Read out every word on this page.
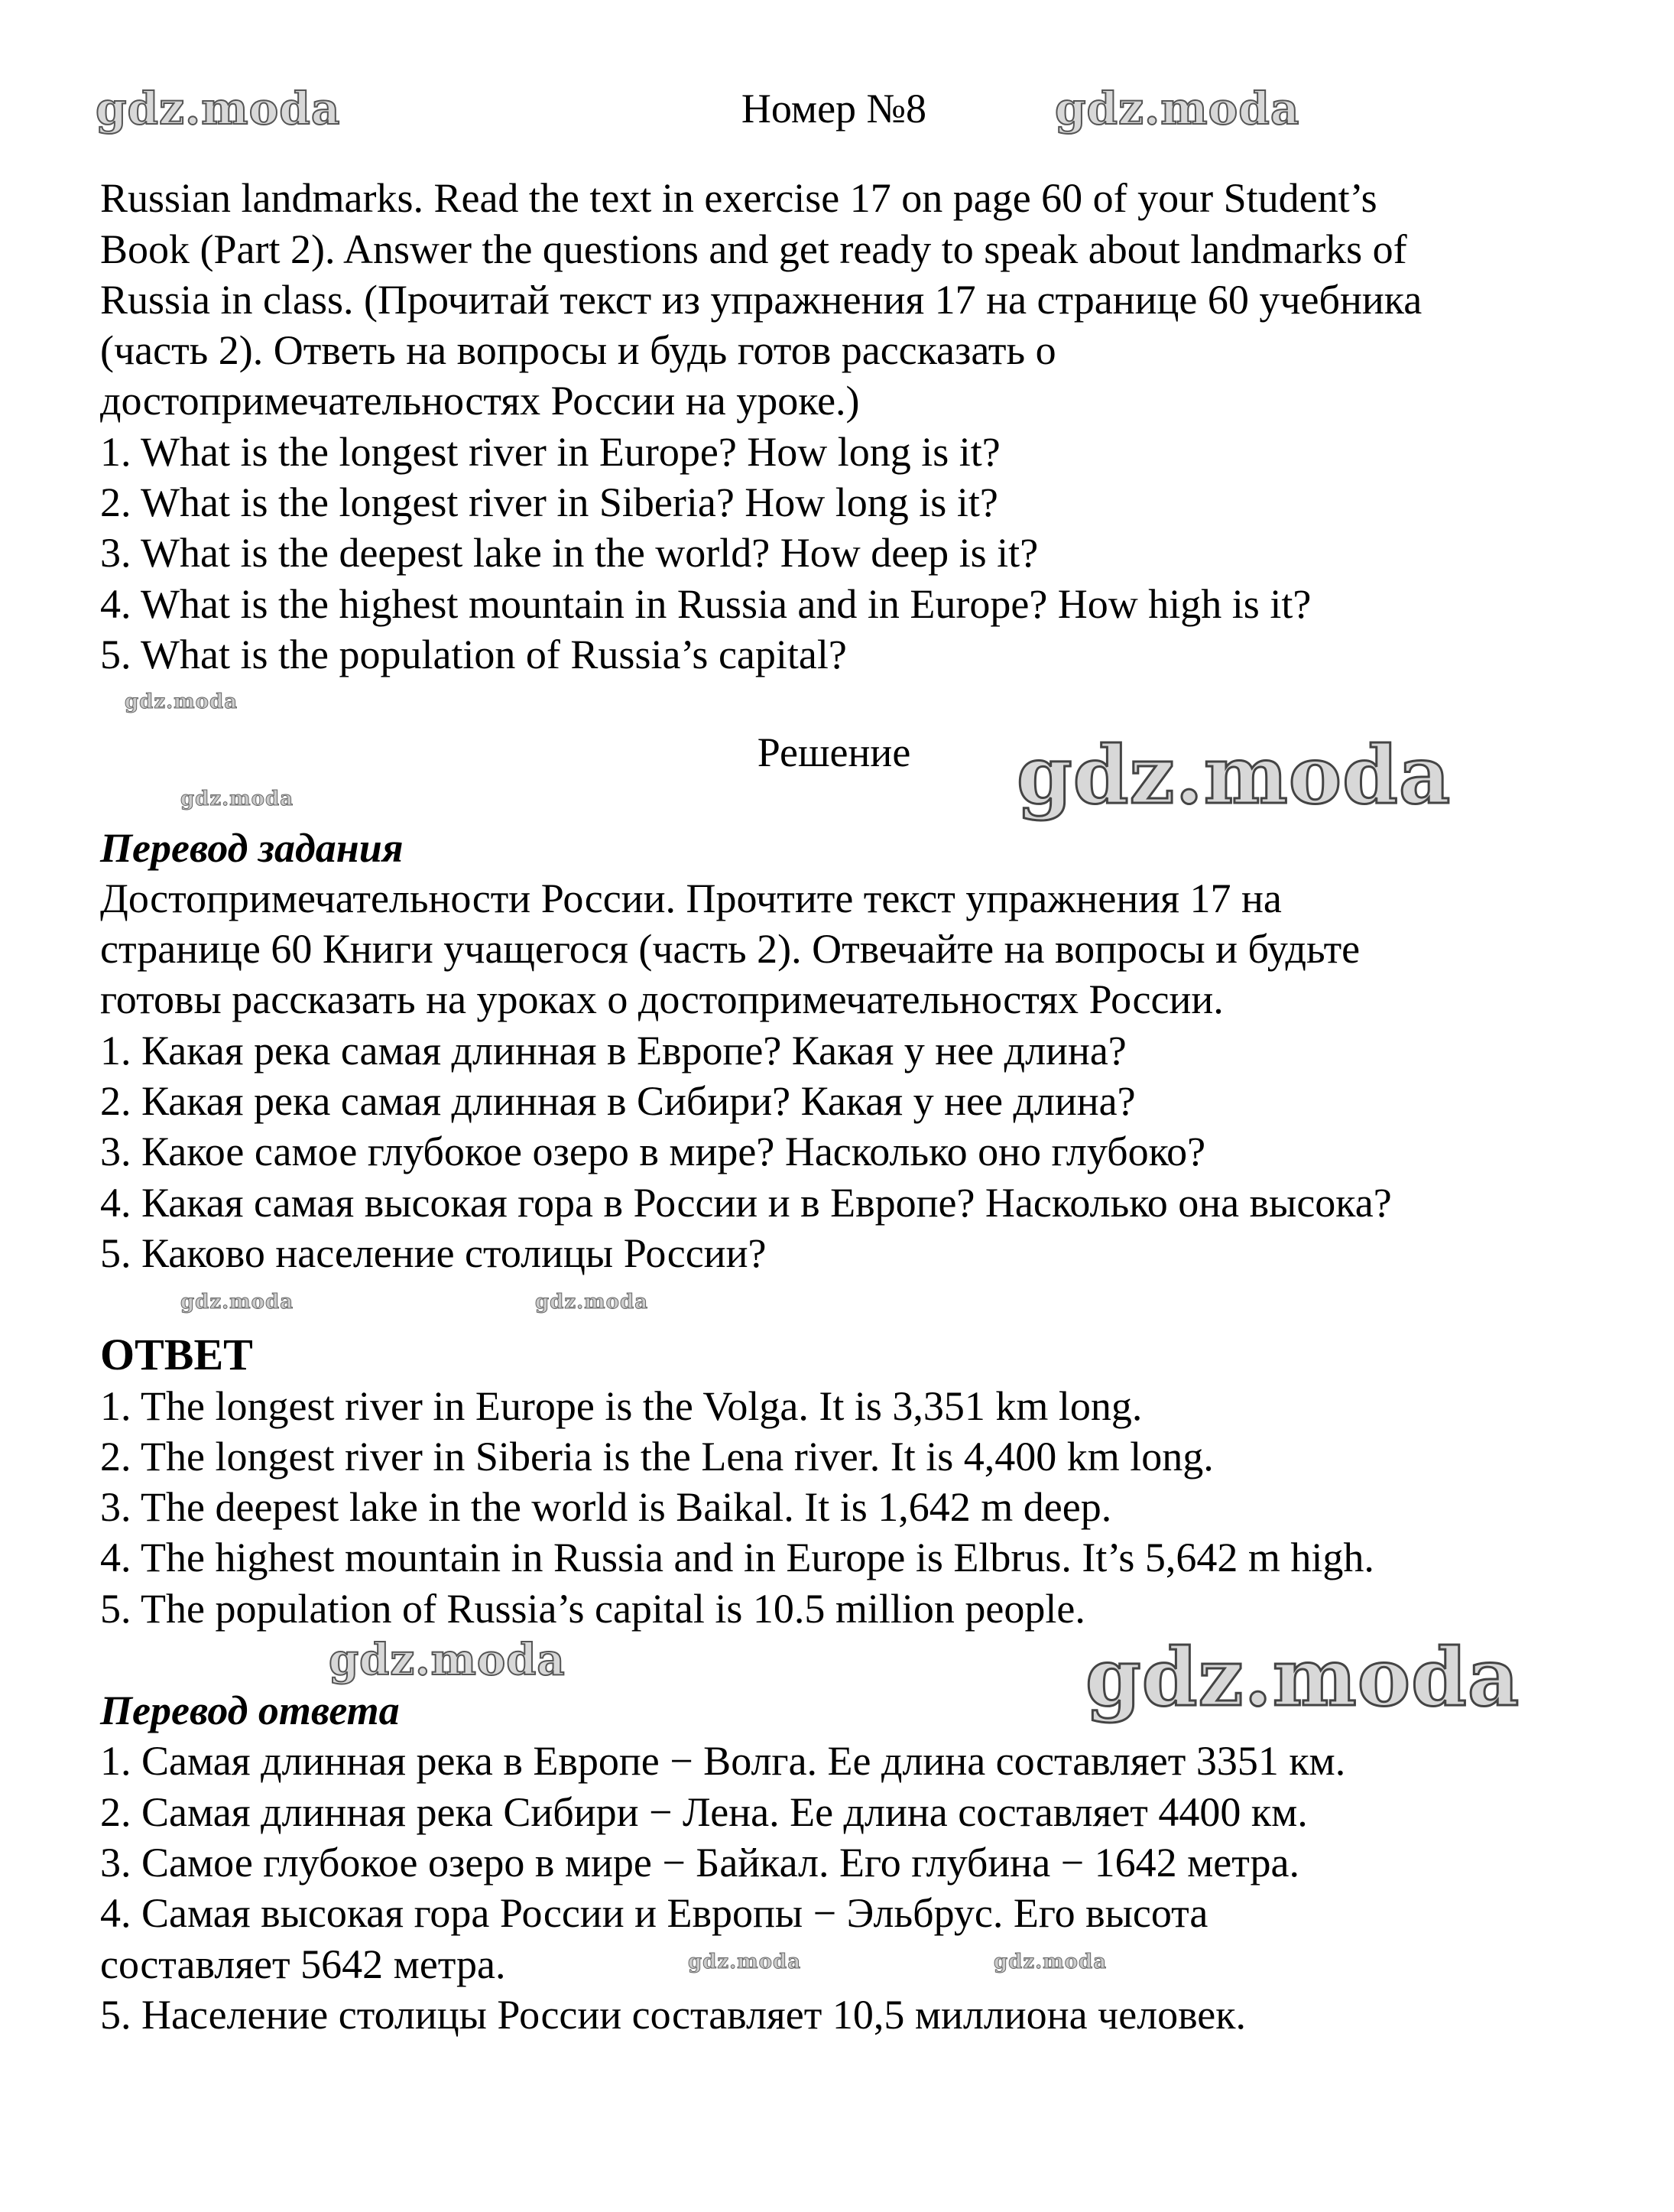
Номер №8
Russian landmarks. Read the text in exercise 17 on page 60 of your Student’s
Book (Part 2). Answer the questions and get ready to speak about landmarks of
Russia in class. (Прочитай текст из упражнения 17 на странице 60 учебника
(часть 2). Ответь на вопросы и будь готов рассказать о
достопримечательностях России на уроке.)
1. What is the longest river in Europe? How long is it?
2. What is the longest river in Siberia? How long is it?
3. What is the deepest lake in the world? How deep is it?
4. What is the highest mountain in Russia and in Europe? How high is it?
5. What is the population of Russia’s capital?
Решение
Перевод задания
Достопримечательности России. Прочтите текст упражнения 17 на
странице 60 Книги учащегося (часть 2). Отвечайте на вопросы и будьте
готовы рассказать на уроках о достопримечательностях России.
1. Какая река самая длинная в Европе? Какая у нее длина?
2. Какая река самая длинная в Сибири? Какая у нее длина?
3. Какое самое глубокое озеро в мире? Насколько оно глубоко?
4. Какая самая высокая гора в России и в Европе? Насколько она высока?
5. Каково население столицы России?
ОТВЕТ
1. The longest river in Europe is the Volga. It is 3,351 km long.
2. The longest river in Siberia is the Lena river. It is 4,400 km long.
3. The deepest lake in the world is Baikal. It is 1,642 m deep.
4. The highest mountain in Russia and in Europe is Elbrus. It’s 5,642 m high.
5. The population of Russia’s capital is 10.5 million people.
Перевод ответа
1. Самая длинная река в Европе − Волга. Ее длина составляет 3351 км.
2. Самая длинная река Сибири − Лена. Ее длина составляет 4400 км.
3. Самое глубокое озеро в мире − Байкал. Его глубина − 1642 метра.
4. Самая высокая гора России и Европы − Эльбрус. Его высота
составляет 5642 метра.
5. Население столицы России составляет 10,5 миллиона человек.
gdz.moda	gdz.moda
gdz.moda
gdz.moda	gdz.moda
gdz.moda	gdz.moda
gdz.moda	gdz.moda
gdz.moda	gdz.moda
